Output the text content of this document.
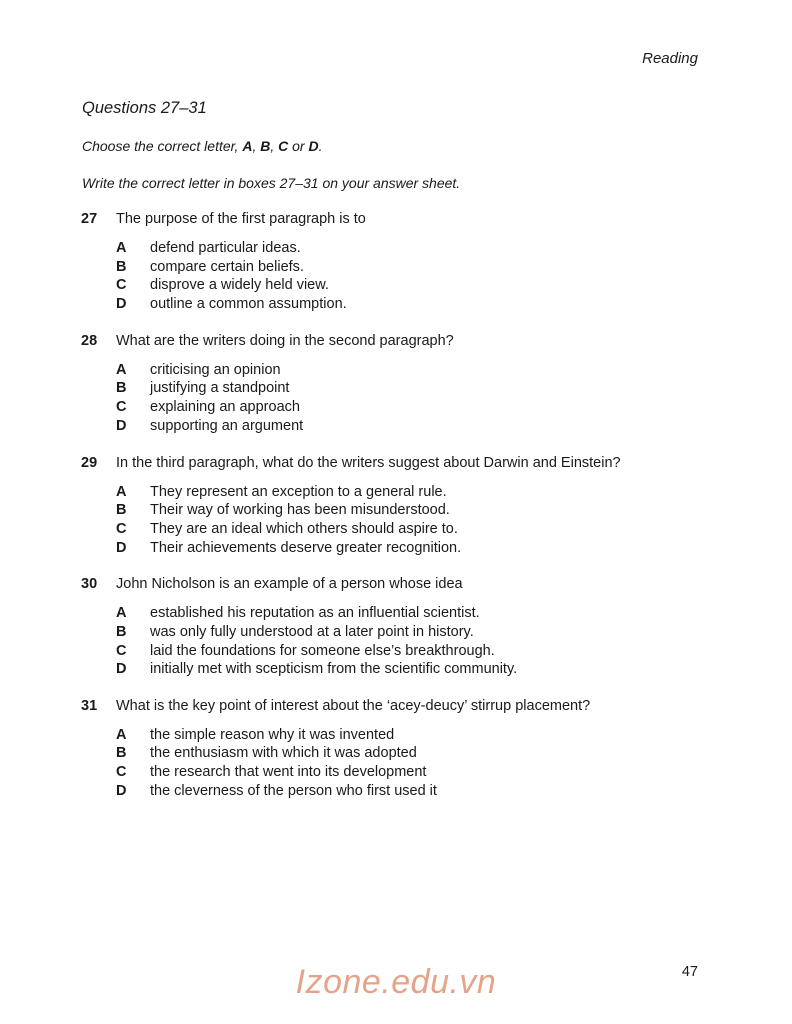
Reading
Questions 27–31
Choose the correct letter, A, B, C or D.
Write the correct letter in boxes 27–31 on your answer sheet.
27 The purpose of the first paragraph is to
A defend particular ideas.
B compare certain beliefs.
C disprove a widely held view.
D outline a common assumption.
28 What are the writers doing in the second paragraph?
A criticising an opinion
B justifying a standpoint
C explaining an approach
D supporting an argument
29 In the third paragraph, what do the writers suggest about Darwin and Einstein?
A They represent an exception to a general rule.
B Their way of working has been misunderstood.
C They are an ideal which others should aspire to.
D Their achievements deserve greater recognition.
30 John Nicholson is an example of a person whose idea
A established his reputation as an influential scientist.
B was only fully understood at a later point in history.
C laid the foundations for someone else’s breakthrough.
D initially met with scepticism from the scientific community.
31 What is the key point of interest about the ‘acey-deucy’ stirrup placement?
A the simple reason why it was invented
B the enthusiasm with which it was adopted
C the research that went into its development
D the cleverness of the person who first used it
47
Izone.edu.vn
